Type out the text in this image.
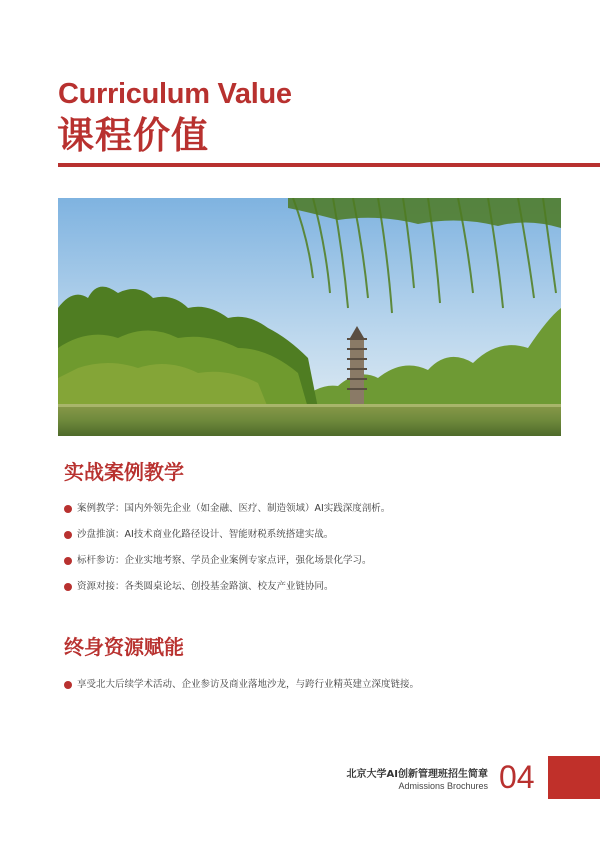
Curriculum Value
课程价值
实战案例教学
案例教学：国内外领先企业（如金融、医疗、制造领域）AI实践深度剖析。
沙盘推演：AI技术商业化路径设计、智能财税系统搭建实战。
标杆参访：企业实地考察、学员企业案例专家点评，强化场景化学习。
资源对接：各类圆桌论坛、创投基金路演、校友产业链协同。
终身资源赋能
享受北大后续学术活动、企业参访及商业落地沙龙，与跨行业精英建立深度链接。
北京大学AI创新管理班招生简章
Admissions Brochures 04
